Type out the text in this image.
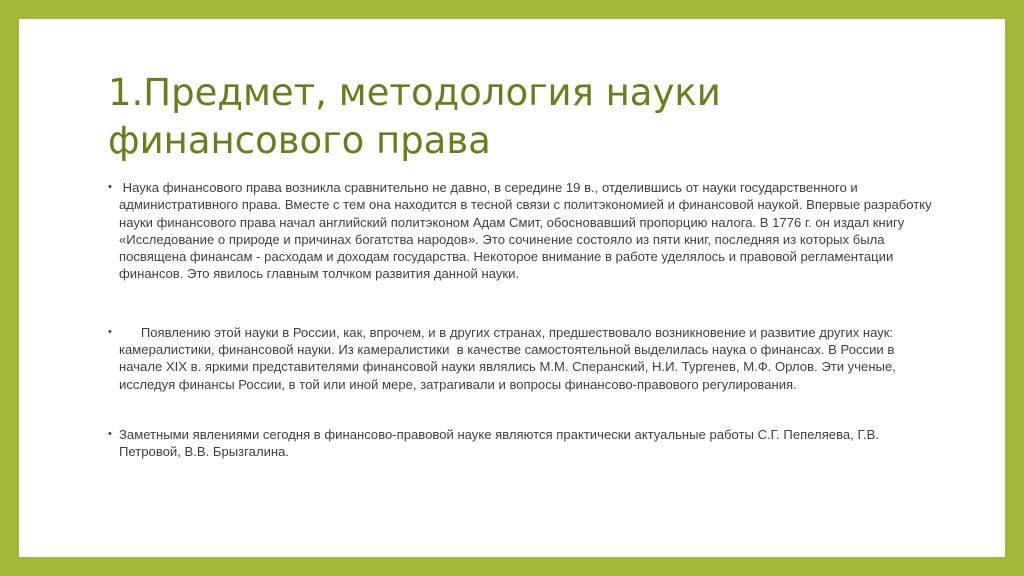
1.Предмет, методология науки финансового права
• Наука финансового права возникла сравнительно не давно, в середине 19 в., отделившись от науки государственного и административного права. Вместе с тем она находится в тесной связи с политэкономией и финансовой наукой. Впервые разработку науки финансового права начал английский политэконом Адам Смит, обосновавший пропорцию налога. В 1776 г. он издал книгу «Исследование о природе и причинах богатства народов». Это сочинение состояло из пяти книг, последняя из которых была посвящена финансам - расходам и доходам государства. Некоторое внимание в работе уделялось и правовой регламентации финансов. Это явилось главным толчком развития данной науки.
• Появлению этой науки в России, как, впрочем, и в других странах, предшествовало возникновение и развитие других наук: камералистики, финансовой науки. Из камералистики  в качестве самостоятельной выделилась наука о финансах. В России в начале XIX в. яркими представителями финансовой науки являлись М.М. Сперанский, Н.И. Тургенев, М.Ф. Орлов. Эти ученые, исследуя финансы России, в той или иной мере, затрагивали и вопросы финансово-правового регулирования.
• Заметными явлениями сегодня в финансово-правовой науке являются практически актуальные работы С.Г. Пепеляева, Г.В. Петровой, В.В. Брызгалина.
